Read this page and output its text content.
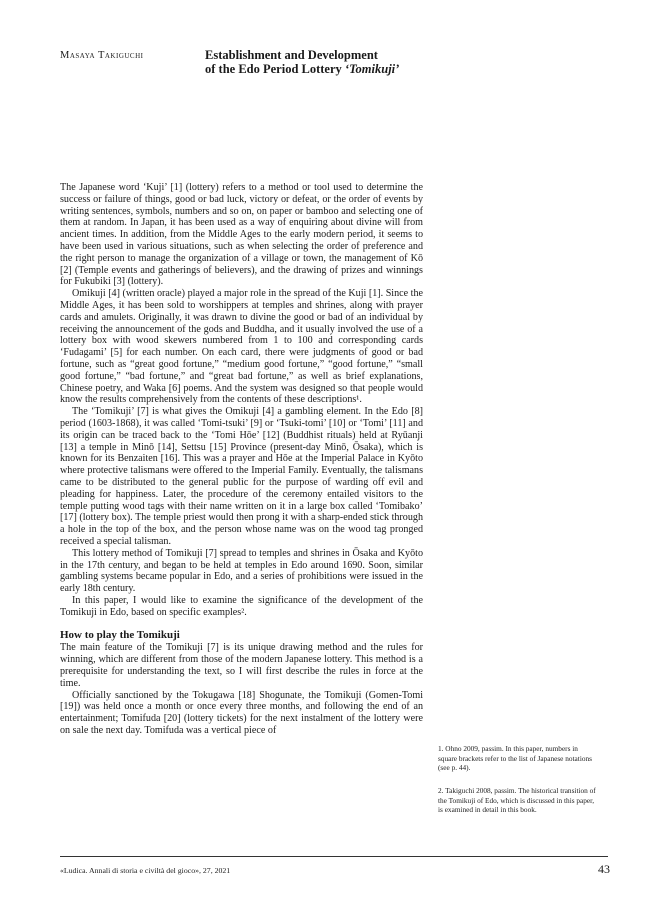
Masaya Takiguchi	Establishment and Development
of the Edo Period Lottery ‘Tomikuji’

The Japanese word ‘Kuji’ [1] (lottery) refers to a method or tool used to determine the success or failure of things, good or bad luck, victory or defeat, or the order of events by writing sentences, symbols, numbers and so on, on paper or bamboo and selecting one of them at random. In Japan, it has been used as a way of enquiring about divine will from ancient times. In addition, from the Middle Ages to the early modern period, it seems to have been used in various situations, such as when selecting the order of preference and the right person to manage the organization of a village or town, the management of Kō [2] (Temple events and gatherings of believers), and the drawing of prizes and winnings for Fukubiki [3] (lottery).

Omikuji [4] (written oracle) played a major role in the spread of the Kuji [1]. Since the Middle Ages, it has been sold to worshippers at temples and shrines, along with prayer cards and amulets. Originally, it was drawn to divine the good or bad of an individual by receiving the announcement of the gods and Buddha, and it usually involved the use of a lottery box with wood skewers numbered from 1 to 100 and corresponding cards ‘Fudagami’ [5] for each number. On each card, there were judgments of good or bad fortune, such as “great good fortune,” “medium good fortune,” “good fortune,” “small good fortune,” “bad fortune,” and “great bad fortune,” as well as brief explanations, Chinese poetry, and Waka [6] poems. And the system was designed so that people would know the results comprehensively from the contents of these descriptions¹.

The ‘Tomikuji’ [7] is what gives the Omikuji [4] a gambling element. In the Edo [8] period (1603-1868), it was called ‘Tomi-tsuki’ [9] or ‘Tsuki-tomi’ [10] or ‘Tomi’ [11] and its origin can be traced back to the ‘Tomi Hōe’ [12] (Buddhist rituals) held at Ryūanji [13] a temple in Minō [14], Settsu [15] Province (present-day Minō, Ōsaka), which is known for its Benzaiten [16]. This was a prayer and Hōe at the Imperial Palace in Kyōto where protective talismans were offered to the Imperial Family. Eventually, the talismans came to be distributed to the general public for the purpose of warding off evil and pleading for happiness. Later, the procedure of the ceremony entailed visitors to the temple putting wood tags with their name written on it in a large box called ‘Tomibako’ [17] (lottery box). The temple priest would then prong it with a sharp-ended stick through a hole in the top of the box, and the person whose name was on the wood tag pronged received a special talisman.

This lottery method of Tomikuji [7] spread to temples and shrines in Ōsaka and Kyōto in the 17th century, and began to be held at temples in Edo around 1690. Soon, similar gambling systems became popular in Edo, and a series of prohibitions were issued in the early 18th century.

In this paper, I would like to examine the significance of the development of the Tomikuji in Edo, based on specific examples².

How to play the Tomikuji

The main feature of the Tomikuji [7] is its unique drawing method and the rules for winning, which are different from those of the modern Japanese lottery. This method is a prerequisite for understanding the text, so I will first describe the rules in force at the time.

Officially sanctioned by the Tokugawa [18] Shogunate, the Tomikuji (Gomen-Tomi [19]) was held once a month or once every three months, and following the end of an entertainment; Tomifuda [20] (lottery tickets) for the next instalment of the lottery were on sale the next day. Tomifuda was a vertical piece of

1. Ohno 2009, passim. In this paper, numbers in square brackets refer to the list of Japanese notations (see p. 44).
2. Takiguchi 2008, passim. The historical transition of the Tomikuji of Edo, which is discussed in this paper, is examined in detail in this book.
«Ludica. Annali di storia e civiltà del gioco», 27, 2021	43
